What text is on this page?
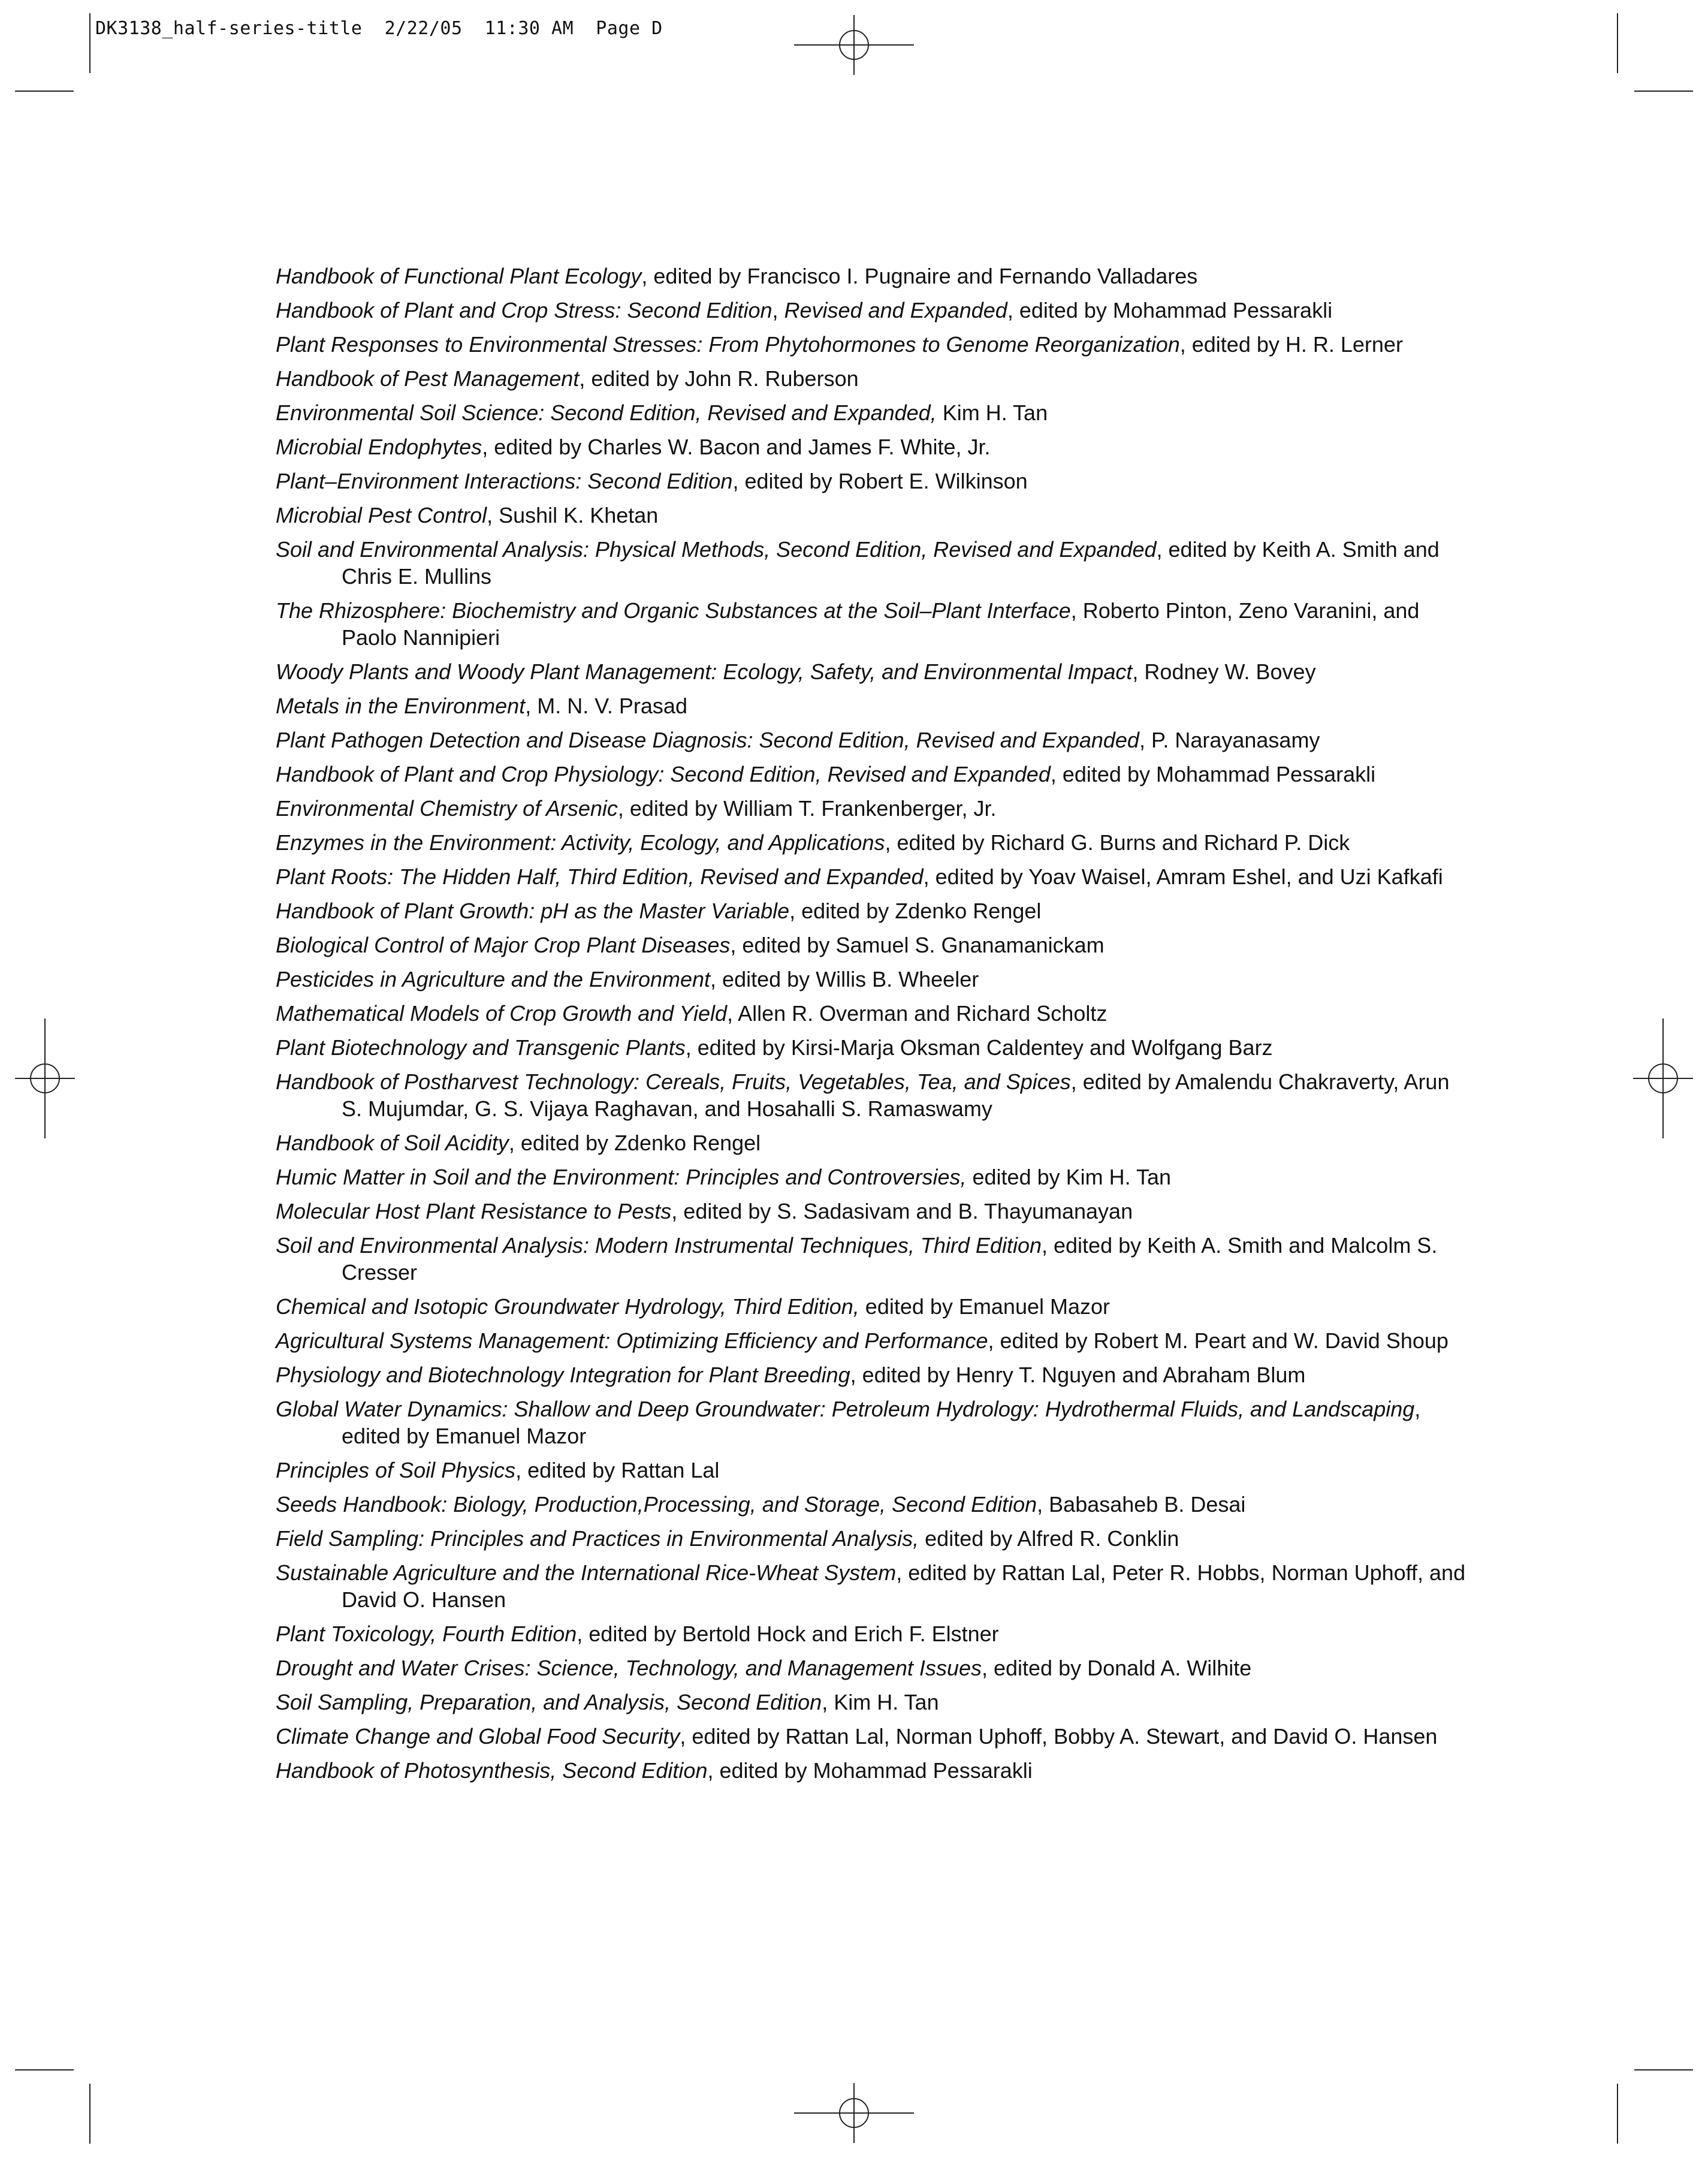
DK3138_half-series-title  2/22/05  11:30 AM  Page D
Handbook of Functional Plant Ecology, edited by Francisco I. Pugnaire and Fernando Valladares
Handbook of Plant and Crop Stress: Second Edition, Revised and Expanded, edited by Mohammad Pessarakli
Plant Responses to Environmental Stresses: From Phytohormones to Genome Reorganization, edited by H. R. Lerner
Handbook of Pest Management, edited by John R. Ruberson
Environmental Soil Science: Second Edition, Revised and Expanded, Kim H. Tan
Microbial Endophytes, edited by Charles W. Bacon and James F. White, Jr.
Plant–Environment Interactions: Second Edition, edited by Robert E. Wilkinson
Microbial Pest Control, Sushil K. Khetan
Soil and Environmental Analysis: Physical Methods, Second Edition, Revised and Expanded, edited by Keith A. Smith and Chris E. Mullins
The Rhizosphere: Biochemistry and Organic Substances at the Soil–Plant Interface, Roberto Pinton, Zeno Varanini, and Paolo Nannipieri
Woody Plants and Woody Plant Management: Ecology, Safety, and Environmental Impact, Rodney W. Bovey
Metals in the Environment, M. N. V. Prasad
Plant Pathogen Detection and Disease Diagnosis: Second Edition, Revised and Expanded, P. Narayanasamy
Handbook of Plant and Crop Physiology: Second Edition, Revised and Expanded, edited by Mohammad Pessarakli
Environmental Chemistry of Arsenic, edited by William T. Frankenberger, Jr.
Enzymes in the Environment: Activity, Ecology, and Applications, edited by Richard G. Burns and Richard P. Dick
Plant Roots: The Hidden Half, Third Edition, Revised and Expanded, edited by Yoav Waisel, Amram Eshel, and Uzi Kafkafi
Handbook of Plant Growth: pH as the Master Variable, edited by Zdenko Rengel
Biological Control of Major Crop Plant Diseases, edited by Samuel S. Gnanamanickam
Pesticides in Agriculture and the Environment, edited by Willis B. Wheeler
Mathematical Models of Crop Growth and Yield, Allen R. Overman and Richard Scholtz
Plant Biotechnology and Transgenic Plants, edited by Kirsi-Marja Oksman Caldentey and Wolfgang Barz
Handbook of Postharvest Technology: Cereals, Fruits, Vegetables, Tea, and Spices, edited by Amalendu Chakraverty, Arun S. Mujumdar, G. S. Vijaya Raghavan, and Hosahalli S. Ramaswamy
Handbook of Soil Acidity, edited by Zdenko Rengel
Humic Matter in Soil and the Environment: Principles and Controversies, edited by Kim H. Tan
Molecular Host Plant Resistance to Pests, edited by S. Sadasivam and B. Thayumanayan
Soil and Environmental Analysis: Modern Instrumental Techniques, Third Edition, edited by Keith A. Smith and Malcolm S. Cresser
Chemical and Isotopic Groundwater Hydrology, Third Edition, edited by Emanuel Mazor
Agricultural Systems Management: Optimizing Efficiency and Performance, edited by Robert M. Peart and W. David Shoup
Physiology and Biotechnology Integration for Plant Breeding, edited by Henry T. Nguyen and Abraham Blum
Global Water Dynamics: Shallow and Deep Groundwater: Petroleum Hydrology: Hydrothermal Fluids, and Landscaping, edited by Emanuel Mazor
Principles of Soil Physics, edited by Rattan Lal
Seeds Handbook: Biology, Production,Processing, and Storage, Second Edition, Babasaheb B. Desai
Field Sampling: Principles and Practices in Environmental Analysis, edited by Alfred R. Conklin
Sustainable Agriculture and the International Rice-Wheat System, edited by Rattan Lal, Peter R. Hobbs, Norman Uphoff, and David O. Hansen
Plant Toxicology, Fourth Edition, edited by Bertold Hock and Erich F. Elstner
Drought and Water Crises: Science, Technology, and Management Issues, edited by Donald A. Wilhite
Soil Sampling, Preparation, and Analysis, Second Edition, Kim H. Tan
Climate Change and Global Food Security, edited by Rattan Lal, Norman Uphoff, Bobby A. Stewart, and David O. Hansen
Handbook of Photosynthesis, Second Edition, edited by Mohammad Pessarakli
